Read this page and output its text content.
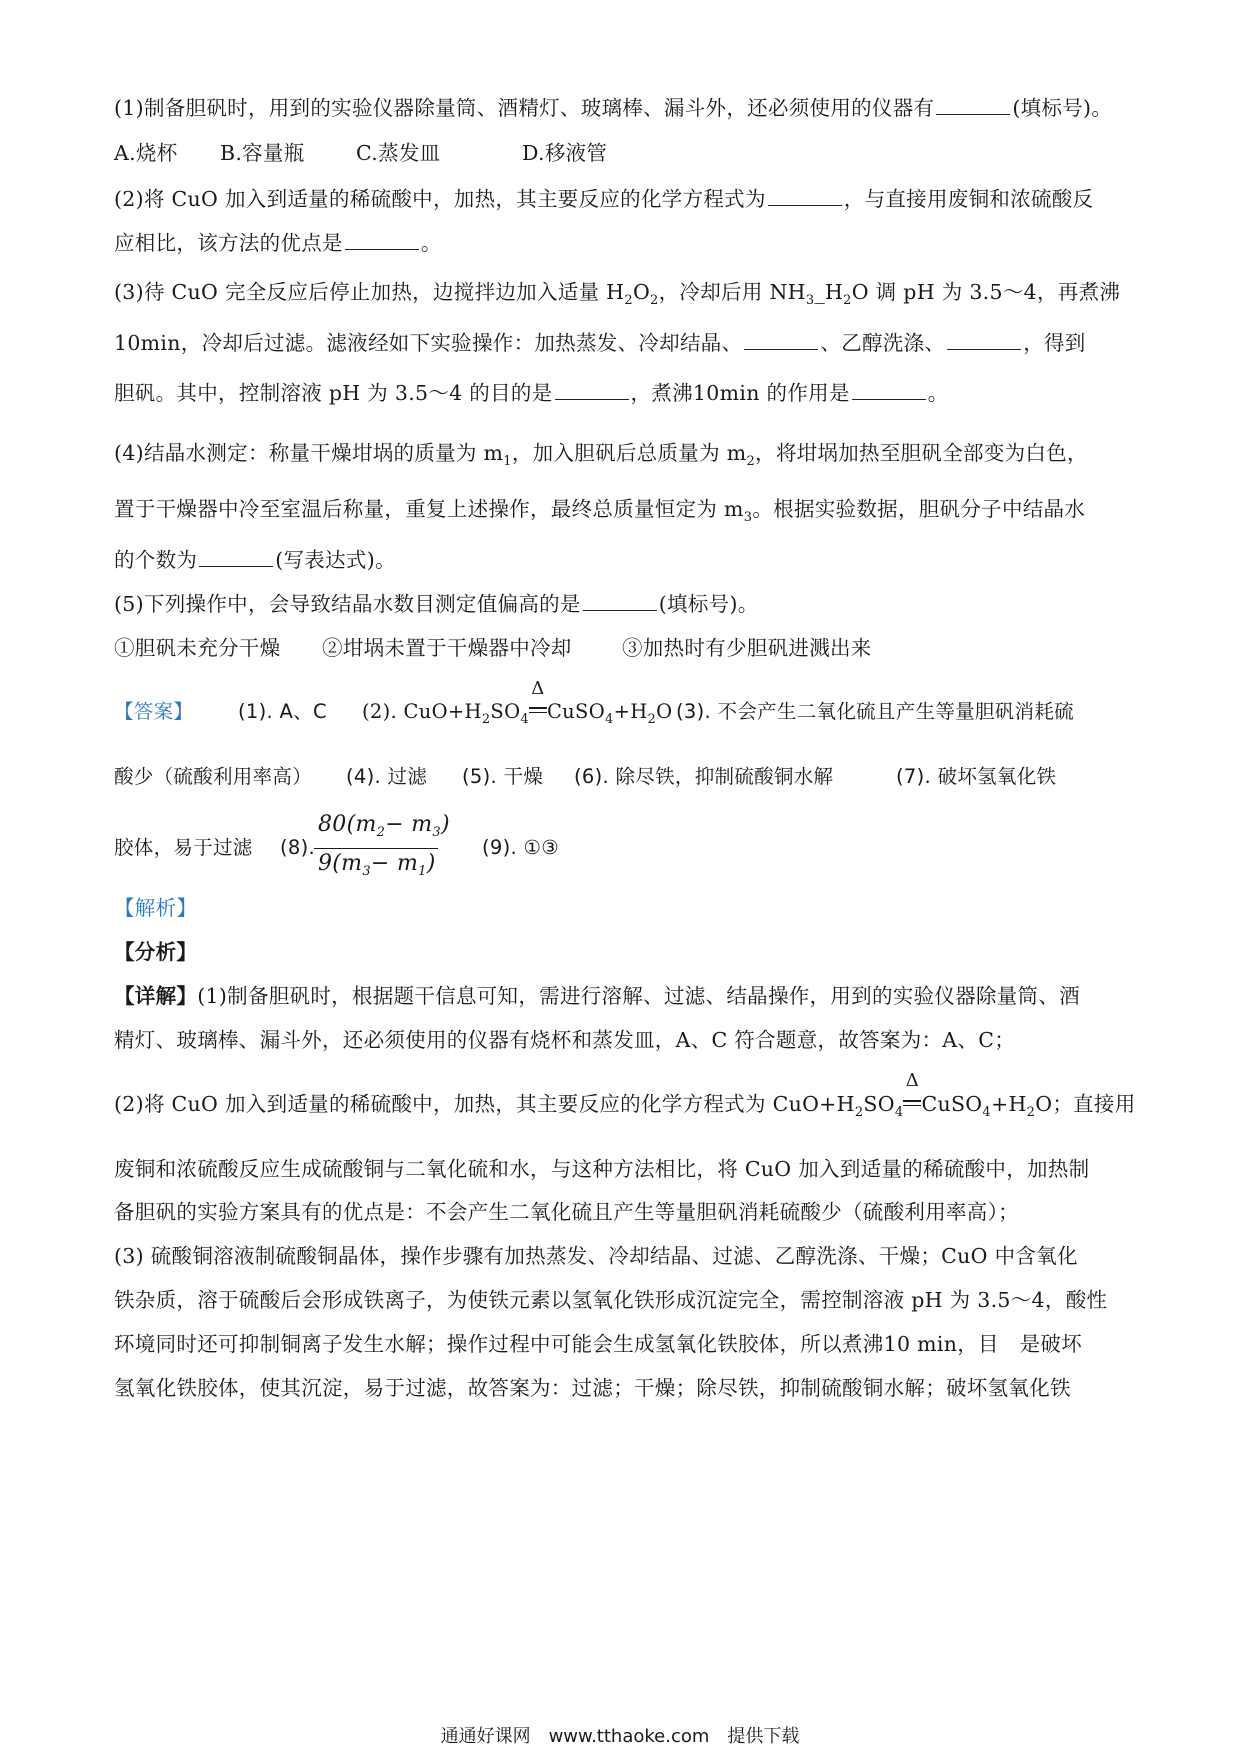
(1)制备胆矾时，用到的实验仪器除量筒、酒精灯、玻璃棒、漏斗外，还必须使用的仪器有	(填标号)。
A.烧杯 B.容量瓶	C.蒸发皿	D.移液管
(2)将 CuO 加入到适量的稀硫酸中，加热，其主要反应的化学方程式为	，与直接用废铜和浓硫酸反
应相比，该方法的优点是	。
(3)待 CuO 完全反应后停止加热，边搅拌边加入适量 $H_2O_2$，冷却后用 $NH_3\_H_2O$ 调 pH 为 3.5～4，再煮沸
10min，冷却后过滤。滤液经如下实验操作：加热蒸发、冷却结晶、	、乙醇洗涤、	，得到
胆矾。其中，控制溶液 pH 为 3.5～4 的目的是	，煮沸10min 的作用是	。
(4)结晶水测定：称量干燥坩埚的质量为 $m_1$，加入胆矾后总质量为 $m_2$，将坩埚加热至胆矾全部变为白色，
置于干燥器中冷至室温后称量，重复上述操作，最终总质量恒定为 $m_3$。根据实验数据，胆矾分子中结晶水
的个数为	(写表达式)。
(5)下列操作中，会导致结晶水数目测定值偏高的是	(填标号)。
①胆矾未充分干燥 ②坩埚未置于干燥器中冷却 ③加热时有少胆矾进溅出来
【答案】 (1). A、C (2). $CuO+H_2SO_4$
Δ
$CuSO_4+H_2O$ (3). 不会产生二氧化硫且产生等量胆矾消耗硫
酸少（硫酸利用率高） (4). 过滤 (5). 干燥 (6). 除尽铁，抑制硫酸铜水解	(7). 破坏氢氧化铁
胶体，易于过滤 (8).
$\frac{80(m_2- m_3)}{9(m_3- m_1)} (9)$. ①③
【解析】
【分析】
【详解】(1)制备胆矾时，根据题干信息可知，需进行溶解、过滤、结晶操作，用到的实验仪器除量筒、酒
精灯、玻璃棒、漏斗外，还必须使用的仪器有烧杯和蒸发皿，A、C 符合题意，故答案为：A、C；
(2)将 CuO 加入到适量的稀硫酸中，加热，其主要反应的化学方程式为 $CuO+H_2SO_4$
Δ
$CuSO_4+H_2O$；直接用
废铜和浓硫酸反应生成硫酸铜与二氧化硫和水，与这种方法相比，将 CuO 加入到适量的稀硫酸中，加热制
备胆矾的实验方案具有的优点是：不会产生二氧化硫且产生等量胆矾消耗硫酸少（硫酸利用率高）；
(3) 硫酸铜溶液制硫酸铜晶体，操作步骤有加热蒸发、冷却结晶、过滤、乙醇洗涤、干燥；CuO 中含氧化
铁杂质，溶于硫酸后会形成铁离子，为使铁元素以氢氧化铁形成沉淀完全，需控制溶液 pH 为 3.5～4，酸性
环境同时还可抑制铜离子发生水解；操作过程中可能会生成氢氧化铁胶体，所以煮沸10 min，目　是破坏
氢氧化铁胶体，使其沉淀，易于过滤，故答案为：过滤；干燥；除尽铁，抑制硫酸铜水解；破坏氢氧化铁
通通好课网　www.tthaoke.com　提供下载
